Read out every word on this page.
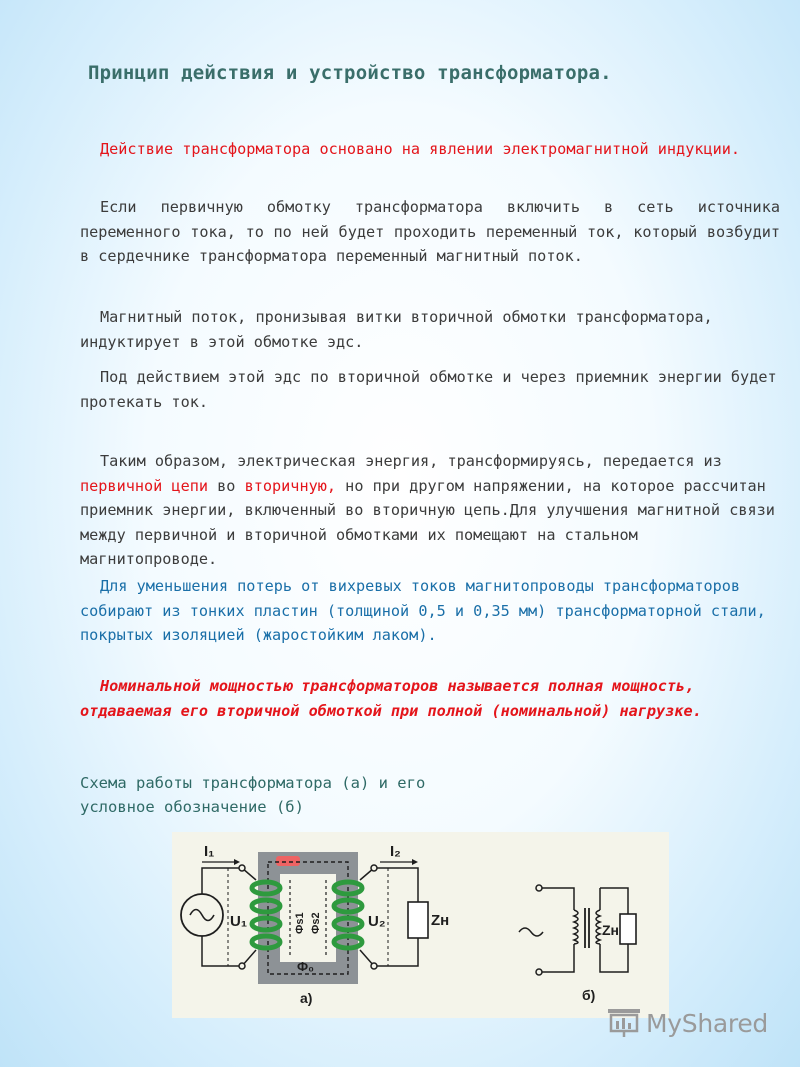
Принцип действия и устройство трансформатора.

Действие трансформатора основано на явлении электромагнитной индукции.

Если первичную обмотку трансформатора включить в сеть источника переменного тока, то по ней будет проходить переменный ток, который возбудит в сердечнике трансформатора переменный магнитный поток.

Магнитный поток, пронизывая витки вторичной обмотки трансформатора, индуктирует в этой обмотке эдс.

Под действием этой эдс по вторичной обмотке и через приемник энергии будет протекать ток.

Таким образом, электрическая энергия, трансформируясь, передается из первичной цепи во вторичную, но при другом напряжении, на которое рассчитан приемник энергии, включенный во вторичную цепь.Для улучшения магнитной связи между первичной и вторичной обмотками их помещают на стальном магнитопроводе.

Для уменьшения потерь от вихревых токов магнитопроводы трансформаторов собирают из тонких пластин (толщиной 0,5 и 0,35 мм) трансформаторной стали, покрытых изоляцией (жаростойким лаком).

Номинальной мощностью трансформаторов называется полная мощность, отдаваемая его вторичной обмоткой при полной (номинальной) нагрузке.

Схема работы трансформатора (а) и его условное обозначение (б)

I₁	I₂
U₁	U₂	Zн
Фs1 Фs2
Ф₀
а)
Zн
б)
MyShared
